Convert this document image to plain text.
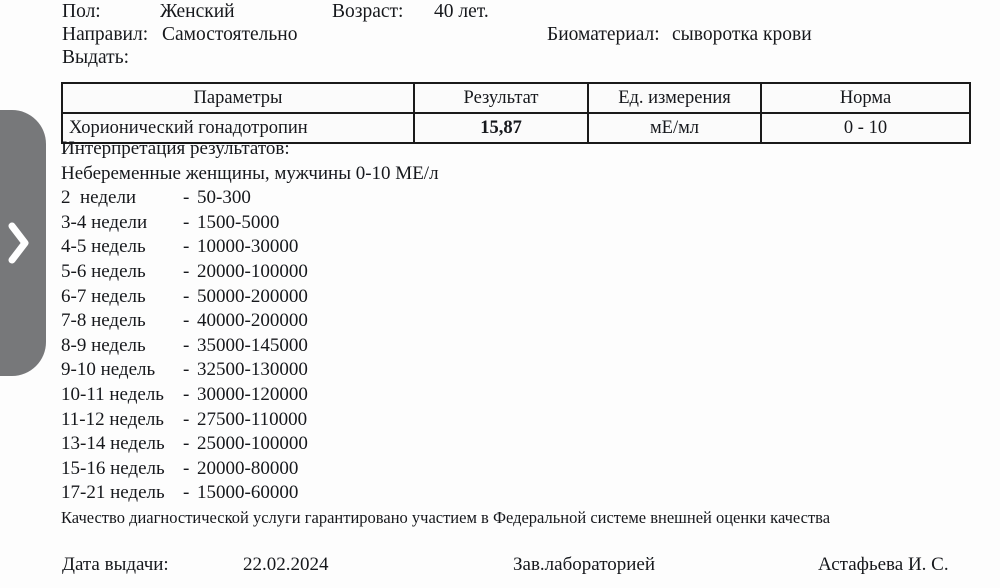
Пол:	Женский	Возраст: 40 лет.
Направил: Самостоятельно	Биоматериал: сыворотка крови
Выдать:
Параметры	Результат	Ед. измерения	Норма
Хорионический гонадотропин	15,87	мЕ/мл	0 - 10
Интерпретация результатов:
Небеременные женщины, мужчины 0-10 МЕ/л
2  недели - 50-300
3-4 недели - 1500-5000
4-5 недель - 10000-30000
5-6 недель - 20000-100000
6-7 недель - 50000-200000
7-8 недель - 40000-200000
8-9 недель - 35000-145000
9-10 недель - 32500-130000
10-11 недель - 30000-120000
11-12 недель - 27500-110000
13-14 недель - 25000-100000
15-16 недель - 20000-80000
17-21 недель - 15000-60000
Качество диагностической услуги гарантировано участием в Федеральной системе внешней оценки качества
Дата выдачи:	22.02.2024	Зав.лабораторией	Астафьева И. С.
